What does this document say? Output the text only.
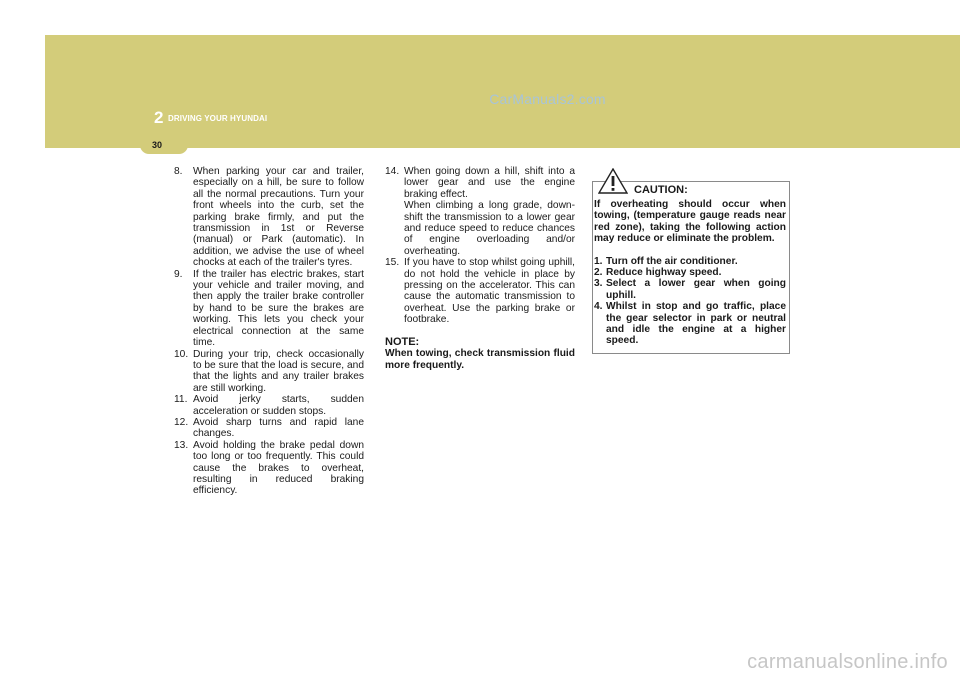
2 DRIVING YOUR HYUNDAI
CarManuals2.com
30
8.	When parking your car and trailer, especially on a hill, be sure to follow all the normal precautions. Turn your front wheels into the curb, set the parking brake firmly, and put the transmission in 1st or Reverse (manual) or Park (automatic). In addition, we advise the use of wheel chocks at each of the trailer's tyres.
9.	If the trailer has electric brakes, start your vehicle and trailer moving, and then apply the trailer brake controller by hand to be sure the brakes are working. This lets you check your electrical connection at the same time.
10. During your trip, check occasionally to be sure that the load is secure, and that the lights and any trailer brakes are still working.
11. Avoid jerky starts, sudden acceleration or sudden stops.
12. Avoid sharp turns and rapid lane changes.
13. Avoid holding the brake pedal down too long or too frequently. This could cause the brakes to overheat, resulting in reduced braking efficiency.
14. When going down a hill, shift into a lower gear and use the engine braking effect.
When climbing a long grade, down-shift the transmission to a lower gear and reduce speed to reduce chances of engine overloading and/or overheating.
15. If you have to stop whilst going uphill, do not hold the vehicle in place by pressing on the accelerator. This can cause the automatic transmission to overheat. Use the parking brake or footbrake.
NOTE:
When towing, check transmission fluid more frequently.
CAUTION:

If overheating should occur when towing, (temperature gauge reads near red zone), taking the following action may reduce or eliminate the problem.

1. Turn off the air conditioner.
2. Reduce highway speed.
3. Select a lower gear when going uphill.
4. Whilst in stop and go traffic, place the gear selector in park or neutral and idle the engine at a higher speed.
carmanualsonline.info
